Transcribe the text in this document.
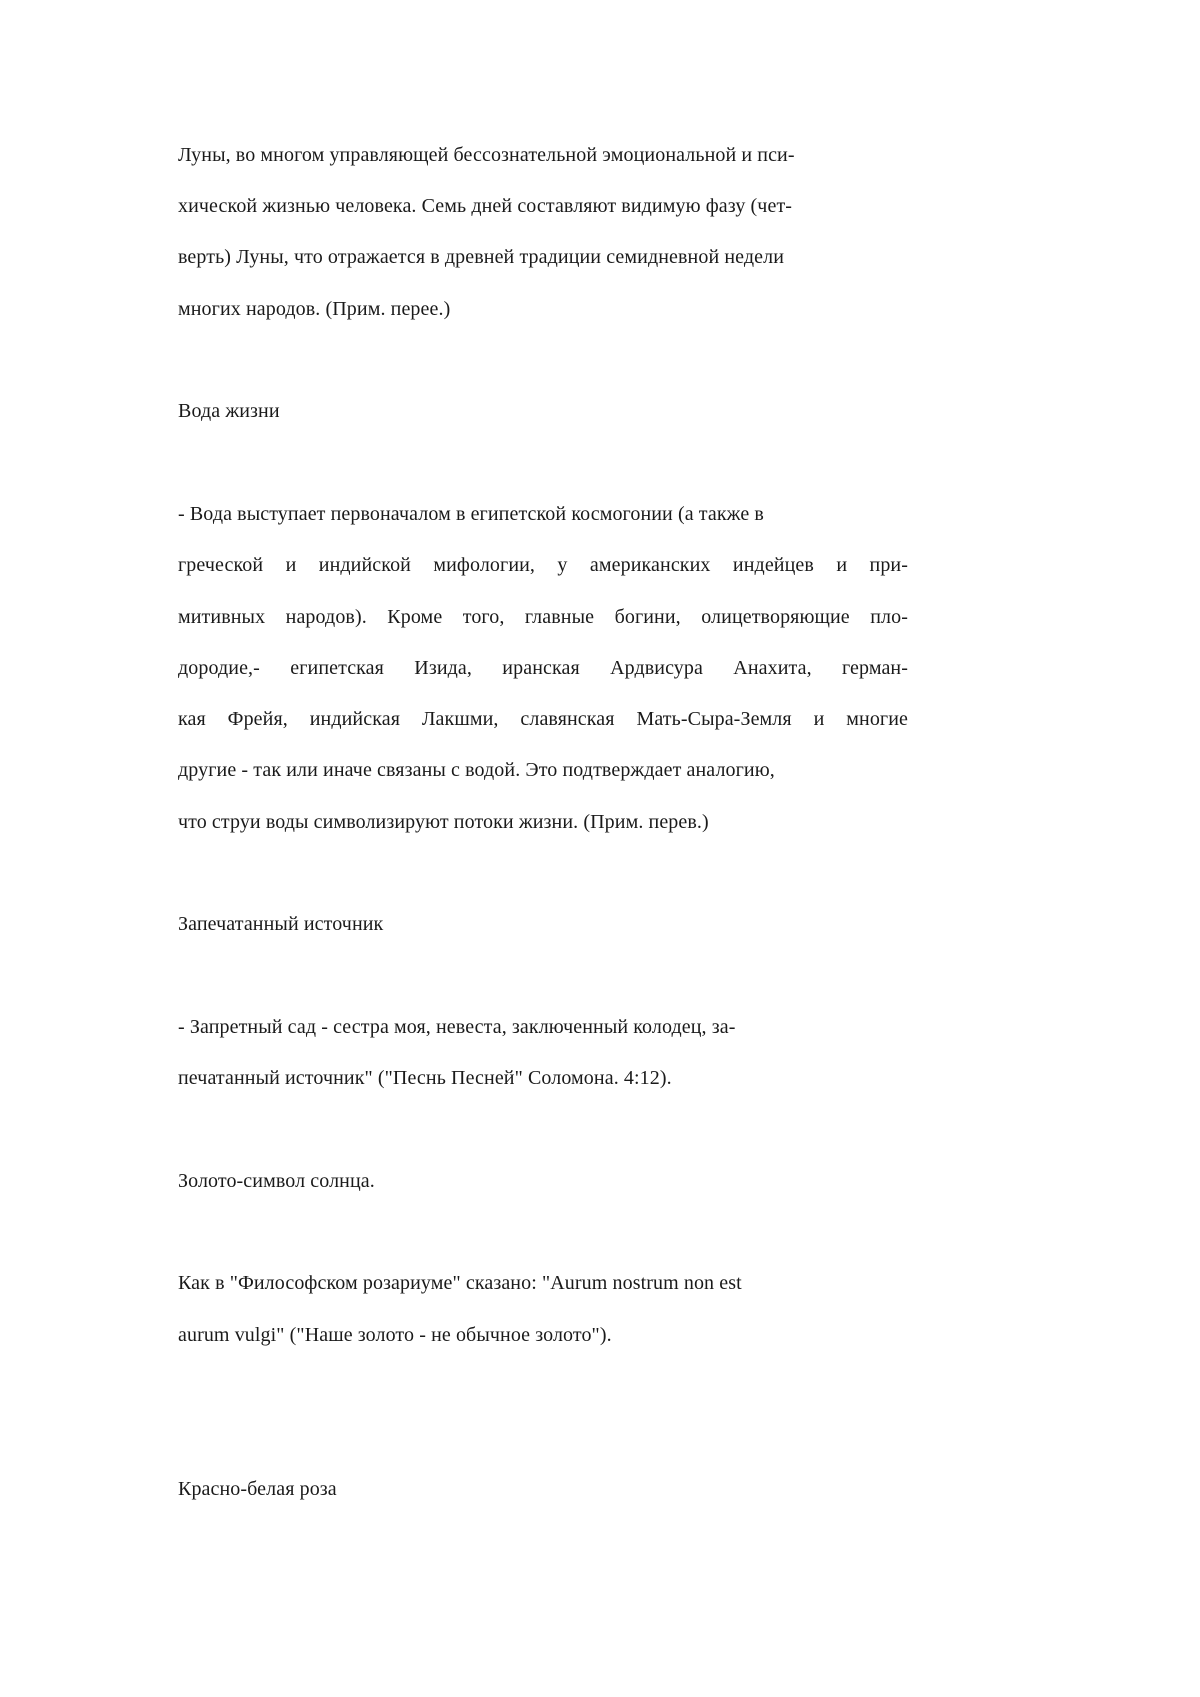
Луны, во многом управляющей бессознательной эмоциональной и пси-
хической жизнью человека. Семь дней составляют видимую фазу (чет-
верть) Луны, что отражается в древней традиции семидневной недели
многих народов. (Прим. перее.)
Вода жизни
- Вода выступает первоначалом в египетской космогонии (а также в
греческой и индийской мифологии, у американских индейцев и при-
митивных народов). Кроме того, главные богини, олицетворяющие пло-
дородие,- египетская Изида, иранская Ардвисура Анахита, герман-
кая Фрейя, индийская Лакшми, славянская Мать-Сыра-Земля и многие
другие - так или иначе связаны с водой. Это подтверждает аналогию,
что струи воды символизируют потоки жизни. (Прим. перев.)
Запечатанный источник
- Запретный сад - сестра моя, невеста, заключенный колодец, за-
печатанный источник" ("Песнь Песней" Соломона. 4:12).
Золото-символ солнца.
Как в "Философском розариуме" сказано: "Aurum nostrum non est
aurum vulgi" ("Наше золото - не обычное золото").
Красно-белая роза
